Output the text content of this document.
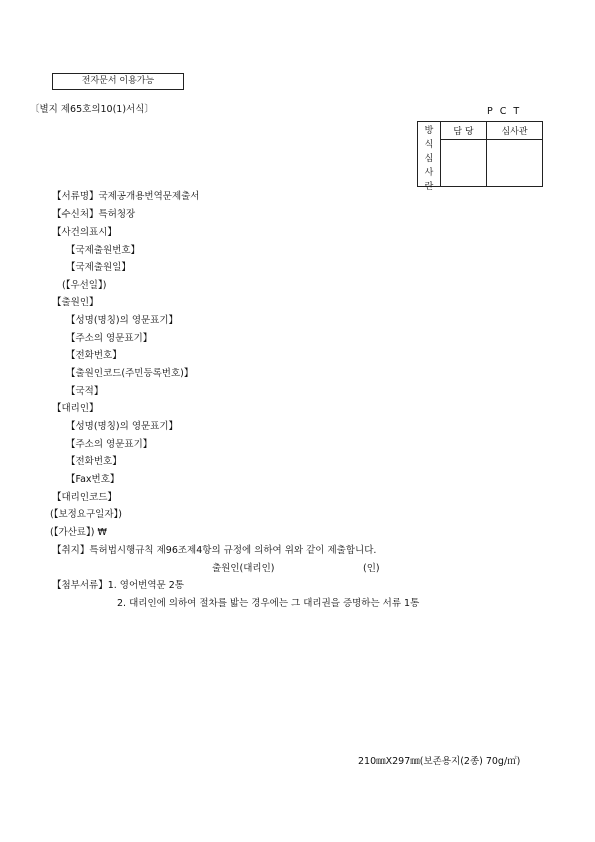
전자문서 이용가능
〔별지 제65호의10(1)서식〕	PCT
방
식
심
사
란	담 당	심사관

【서류명】국제공개용번역문제출서
【수신처】특허청장
【사건의표시】
【국제출원번호】
【국제출원일】
(【우선일】)
【출원인】
【성명(명칭)의 영문표기】
【주소의 영문표기】
【전화번호】
【출원인코드(주민등록번호)】
【국적】
【대리인】
【성명(명칭)의 영문표기】
【주소의 영문표기】
【전화번호】
【Fax번호】
【대리인코드】
(【보정요구일자】)
(【가산료】) ₩
【취지】특허법시행규칙 제96조제4항의 규정에 의하여 위와 같이 제출합니다.
출원인(대리인)	(인)
【첨부서류】1. 영어번역문 2통
2. 대리인에 의하여 절차를 밟는 경우에는 그 대리권을 증명하는 서류 1통
210㎜X297㎜(보존용지(2종) 70g/㎡)
